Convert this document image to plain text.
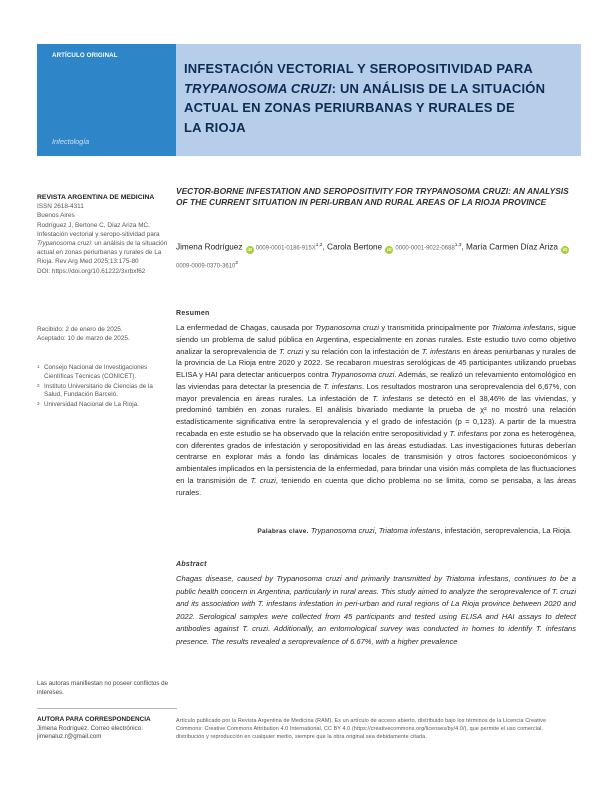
ARTÍCULO ORIGINAL
Infectología
INFESTACIÓN VECTORIAL Y SEROPOSITIVIDAD PARA
TRYPANOSOMA CRUZI: UN ANÁLISIS DE LA SITUACIÓN
ACTUAL EN ZONAS PERIURBANAS Y RURALES DE
LA RIOJA
REVISTA ARGENTINA DE MEDICINA
ISSN 2618-4311
Buenos Aires
Rodríguez J, Bertone C, Díaz Ariza MC. Infestación vectorial y seropo-sitividad para Trypanosoma cruzi: un análisis de la situación actual en zonas periurbanas y rurales de La Rioja. Rev Arg Med 2025;13:175-80
DOI: https://doi.org/10.61222/3xrbxf62
Recibido: 2 de enero de 2025.
Aceptado: 10 de marzo de 2025.
1 Consejo Nacional de Investigaciones Científicas Técnicas (CONICET).
2 Instituto Universitario de Ciencias de la Salud, Fundación Barceló.
3 Universidad Nacional de La Rioja.
VECTOR-BORNE INFESTATION AND SEROPOSITIVITY FOR TRYPANOSOMA CRUZI: AN ANALYSIS OF THE CURRENT SITUATION IN PERI-URBAN AND RURAL AREAS OF LA RIOJA PROVINCE
Jimena Rodríguez iD $0009-0001-0186-915X^{1,2}$, Carola Bertone iD 0000-0001-9022-0688$^{1,3}$, María Carmen Díaz Ariza iD0009-0009-0370-3610$^2$
Resumen
La enfermedad de Chagas, causada por Trypanosoma cruzi y transmitida principalmente por Triatoma infestans, sigue siendo un problema de salud pública en Argentina, especialmente en zonas rurales. Este estudio tuvo como objetivo analizar la seroprevalencia de T. cruzi y su relación con la infestación de T. infestans en áreas periurbanas y rurales de la provincia de La Rioja entre 2020 y 2022. Se recabaron muestras serológicas de 45 participantes utilizando pruebas ELISA y HAI para detectar anticuerpos contra Trypanosoma cruzi. Además, se realizó un relevamiento entomológico en las viviendas para detectar la presencia de T. infestans. Los resultados mostraron una seroprevalencia del 6,67%, con mayor prevalencia en áreas rurales. La infestación de T. infestans se detectó en el 38,46% de las viviendas, y predominó también en zonas rurales. El análisis bivariado mediante la prueba de χ² no mostró una relación estadísticamente significativa entre la seroprevalencia y el grado de infestación (p = 0,123). A partir de la muestra recabada en este estudio se ha observado que la relación entre seropositividad y T. infestans por zona es heterogénea, con diferentes grados de infestación y seropositividad en las áreas estudiadas. Las investigaciones futuras deberían centrarse en explorar más a fondo las dinámicas locales de transmisión y otros factores socioeconómicos y ambientales implicados en la persistencia de la enfermedad, para brindar una visión más completa de las fluctuaciones en la transmisión de T. cruzi, teniendo en cuenta que dicho problema no se limita, como se pensaba, a las áreas rurales.
Palabras clave. Trypanosoma cruzi, Triatoma infestans, infestación, seroprevalencia, La Rioja.
Abstract
Chagas disease, caused by Trypanosoma cruzi and primarily transmitted by Triatoma infestans, continues to be a public health concern in Argentina, particularly in rural areas. This study aimed to analyze the seroprevalence of T. cruzi and its association with T. infestans infestation in peri-urban and rural regions of La Rioja province between 2020 and 2022. Serological samples were collected from 45 participants and tested using ELISA and HAI assays to detect antibodies against T. cruzi. Additionally, an entomological survey was conducted in homes to identify T. infestans presence. The results revealed a seroprevalence of 6.67%, with a higher prevalence
Las autoras manifiestan no poseer conflictos de intereses.
AUTORA PARA CORRESPONDENCIA
Jimena Rodríguez. Correo electrónico: jimenaluz.r@gmail.com
Artículo publicado por la Revista Argentina de Medicina (RAM). Es un artículo de acceso abierto, distribuido bajo los términos de la Licencia Creative Commons: Creative Commons Attribution 4.0 International, CC BY 4.0 (https://creativecommons.org/licenses/by/4.0/), que permite el uso comercial, distribución y reproducción en cualquier medio, siempre que la obra original sea debidamente citada.
